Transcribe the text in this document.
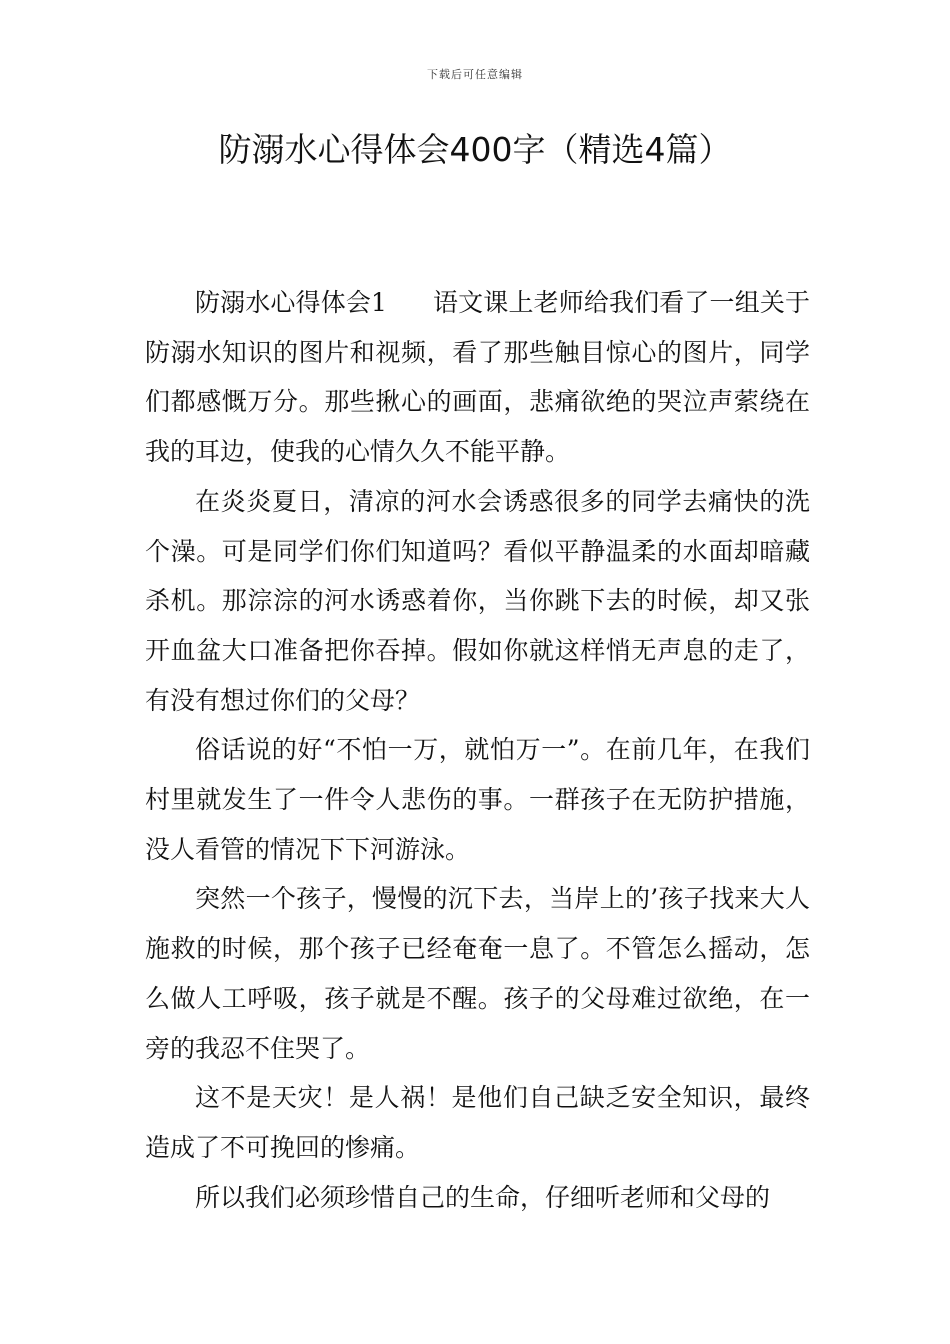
下载后可任意编辑
防溺水心得体会400字（精选4篇）

防溺水心得体会1 语文课上老师给我们看了一组关于防溺水知识的图片和视频，看了那些触目惊心的图片，同学们都感慨万分。那些揪心的画面，悲痛欲绝的哭泣声萦绕在我的耳边，使我的心情久久不能平静。

在炎炎夏日，清凉的河水会诱惑很多的同学去痛快的洗个澡。可是同学们你们知道吗？看似平静温柔的水面却暗藏杀机。那淙淙的河水诱惑着你，当你跳下去的时候，却又张开血盆大口准备把你吞掉。假如你就这样悄无声息的走了，有没有想过你们的父母？

俗话说的好“不怕一万，就怕万一”。在前几年，在我们村里就发生了一件令人悲伤的事。一群孩子在无防护措施，没人看管的情况下下河游泳。

突然一个孩子，慢慢的沉下去，当岸上的’孩子找来大人施救的时候，那个孩子已经奄奄一息了。不管怎么摇动，怎么做人工呼吸，孩子就是不醒。孩子的父母难过欲绝，在一旁的我忍不住哭了。

这不是天灾！是人祸！是他们自己缺乏安全知识，最终造成了不可挽回的惨痛。

所以我们必须珍惜自己的生命，仔细听老师和父母的
